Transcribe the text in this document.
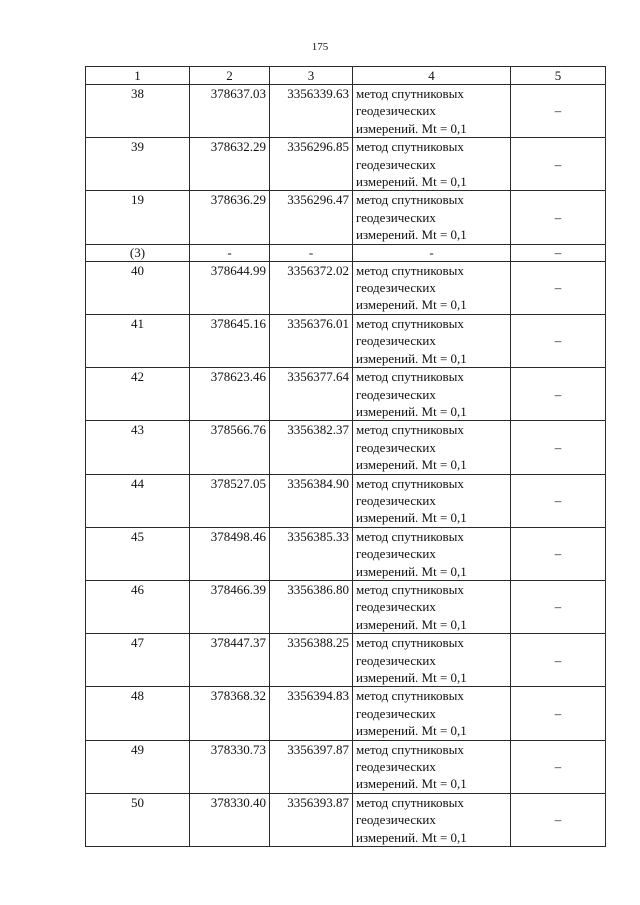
175
1	2	3	4	5
38	378637.03	3356339.63	метод спутниковых
геодезических
измерений. Mt = 0,1	–
39	378632.29	3356296.85	метод спутниковых
геодезических
измерений. Mt = 0,1	–
19	378636.29	3356296.47	метод спутниковых
геодезических
измерений. Mt = 0,1	–
(3)	-	-	-	–
40	378644.99	3356372.02	метод спутниковых
геодезических
измерений. Mt = 0,1	–
41	378645.16	3356376.01	метод спутниковых
геодезических
измерений. Mt = 0,1	–
42	378623.46	3356377.64	метод спутниковых
геодезических
измерений. Mt = 0,1	–
43	378566.76	3356382.37	метод спутниковых
геодезических
измерений. Mt = 0,1	–
44	378527.05	3356384.90	метод спутниковых
геодезических
измерений. Mt = 0,1	–
45	378498.46	3356385.33	метод спутниковых
геодезических
измерений. Mt = 0,1	–
46	378466.39	3356386.80	метод спутниковых
геодезических
измерений. Mt = 0,1	–
47	378447.37	3356388.25	метод спутниковых
геодезических
измерений. Mt = 0,1	–
48	378368.32	3356394.83	метод спутниковых
геодезических
измерений. Mt = 0,1	–
49	378330.73	3356397.87	метод спутниковых
геодезических
измерений. Mt = 0,1	–
50	378330.40	3356393.87	метод спутниковых
геодезических
измерений. Mt = 0,1	–
